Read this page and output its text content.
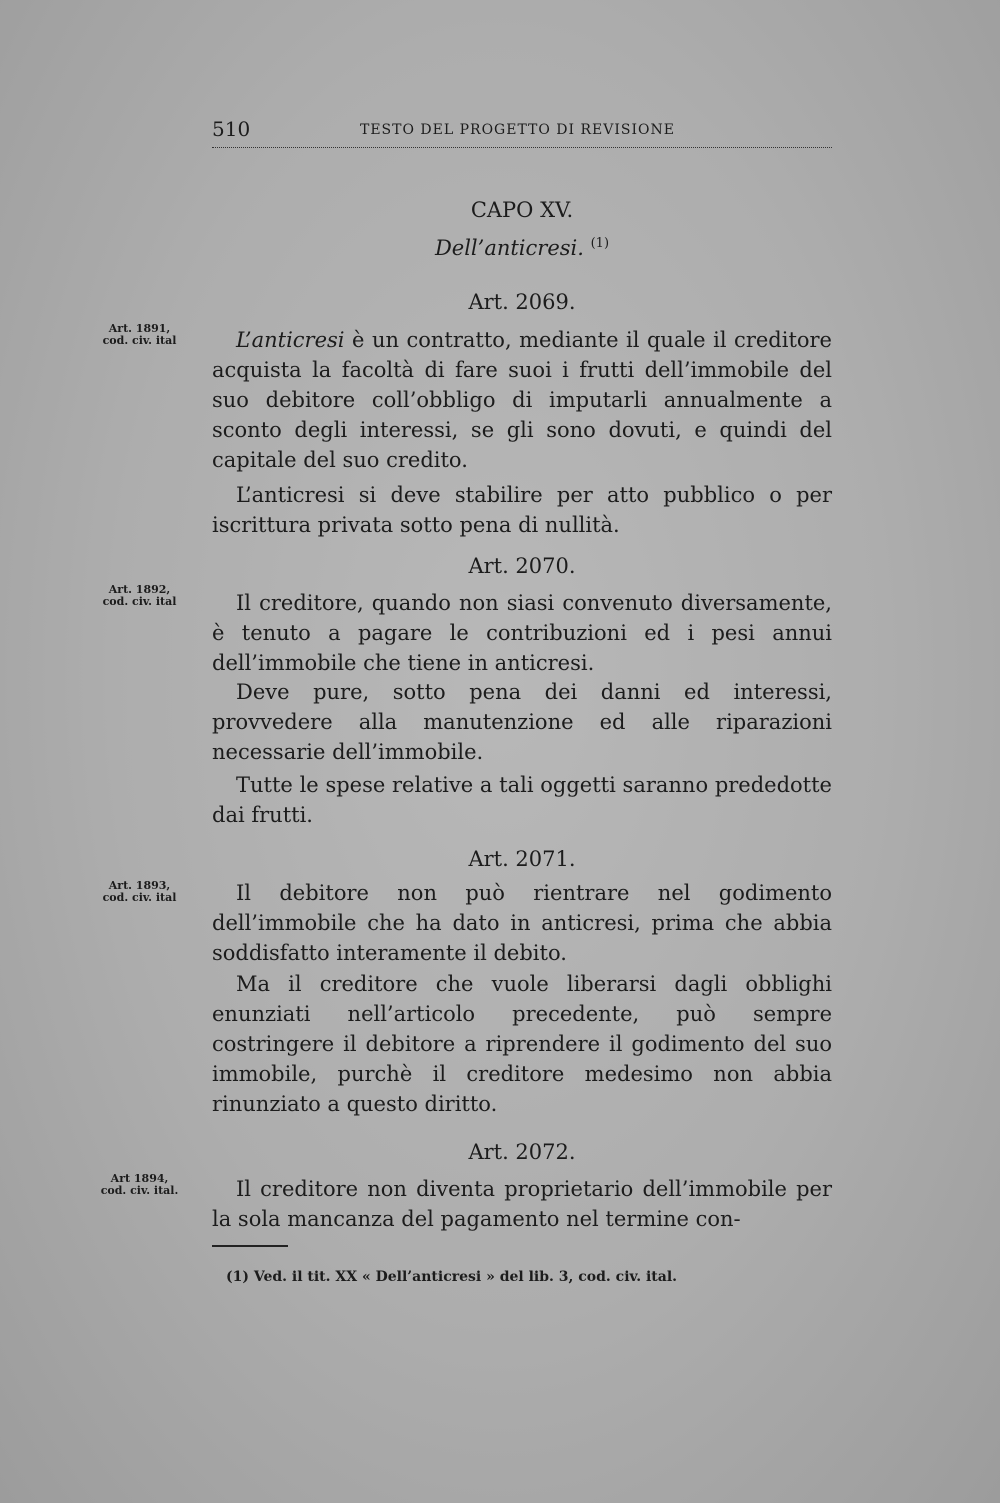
510	TESTO DEL PROGETTO DI REVISIONE
CAPO XV.
Dell’anticresi. $^{(1)}$
Art. 2069.
Art. 1891,
cod. civ. ital	L’anticresi è un contratto, mediante il quale il creditore acquista la facoltà di fare suoi i frutti dell’immobile del suo debitore coll’obbligo di imputarli annualmente a sconto degli interessi, se gli sono dovuti, e quindi del capitale del suo credito.
L’anticresi si deve stabilire per atto pubblico o per iscrittura privata sotto pena di nullità.
Art. 2070.
Art. 1892,
cod. civ. ital	Il creditore, quando non siasi convenuto diversamente, è tenuto a pagare le contribuzioni ed i pesi annui dell’immobile che tiene in anticresi.
Deve pure, sotto pena dei danni ed interessi, provvedere alla manutenzione ed alle riparazioni necessarie dell’immobile.
Tutte le spese relative a tali oggetti saranno prededotte dai frutti.
Art. 2071.
Art. 1893,
cod. civ. ital	Il debitore non può rientrare nel godimento dell’immobile che ha dato in anticresi, prima che abbia soddisfatto interamente il debito.
Ma il creditore che vuole liberarsi dagli obblighi enunziati nell’articolo precedente, può sempre costringere il debitore a riprendere il godimento del suo immobile, purchè il creditore medesimo non abbia rinunziato a questo diritto.
Art. 2072.
Art 1894,
cod. civ. ital.	Il creditore non diventa proprietario dell’immobile per la sola mancanza del pagamento nel termine con-
(1) Ved. il tit. XX « Dell’anticresi » del lib. 3, cod. civ. ital.
